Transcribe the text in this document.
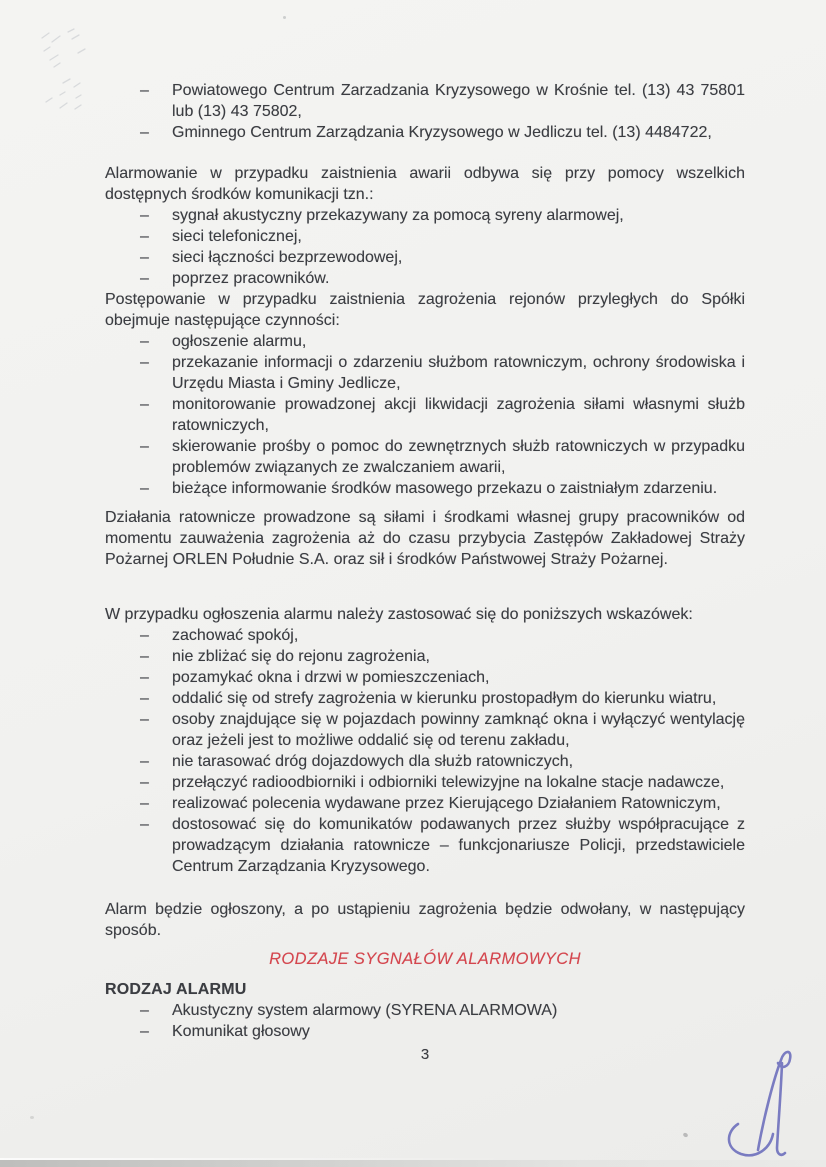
–	Powiatowego Centrum Zarzadzania Kryzysowego w Krośnie tel. (13) 43 75801 lub (13) 43 75802,
–	Gminnego Centrum Zarządzania Kryzysowego w Jedliczu tel. (13) 4484722,

Alarmowanie w przypadku zaistnienia awarii odbywa się przy pomocy wszelkich dostępnych środków komunikacji tzn.:

–	sygnał akustyczny przekazywany za pomocą syreny alarmowej,
–	sieci telefonicznej,
–	sieci łączności bezprzewodowej,
–	poprzez pracowników.

Postępowanie w przypadku zaistnienia zagrożenia rejonów przyległych do Spółki obejmuje następujące czynności:

–	ogłoszenie alarmu,
–	przekazanie informacji o zdarzeniu służbom ratowniczym, ochrony środowiska i Urzędu Miasta i Gminy Jedlicze,
–	monitorowanie prowadzonej akcji likwidacji zagrożenia siłami własnymi służb ratowniczych,
–	skierowanie prośby o pomoc do zewnętrznych służb ratowniczych w przypadku problemów związanych ze zwalczaniem awarii,
–	bieżące informowanie środków masowego przekazu o zaistniałym zdarzeniu.

Działania ratownicze prowadzone są siłami i środkami własnej grupy pracowników od momentu zauważenia zagrożenia aż do czasu przybycia Zastępów Zakładowej Straży Pożarnej ORLEN Południe S.A. oraz sił i środków Państwowej Straży Pożarnej.

W przypadku ogłoszenia alarmu należy zastosować się do poniższych wskazówek:

–	zachować spokój,
–	nie zbliżać się do rejonu zagrożenia,
–	pozamykać okna i drzwi w pomieszczeniach,
–	oddalić się od strefy zagrożenia w kierunku prostopadłym do kierunku wiatru,
–	osoby znajdujące się w pojazdach powinny zamknąć okna i wyłączyć wentylację oraz jeżeli jest to możliwe oddalić się od terenu zakładu,
–	nie tarasować dróg dojazdowych dla służb ratowniczych,
–	przełączyć radioodbiorniki i odbiorniki telewizyjne na lokalne stacje nadawcze,
–	realizować polecenia wydawane przez Kierującego Działaniem Ratowniczym,
–	dostosować się do komunikatów podawanych przez służby współpracujące z prowadzącym działania ratownicze – funkcjonariusze Policji, przedstawiciele Centrum Zarządzania Kryzysowego.

Alarm będzie ogłoszony, a po ustąpieniu zagrożenia będzie odwołany, w następujący sposób.

RODZAJE SYGNAŁÓW ALARMOWYCH
RODZAJ ALARMU
–	Akustyczny system alarmowy (SYRENA ALARMOWA)
–	Komunikat głosowy
3
